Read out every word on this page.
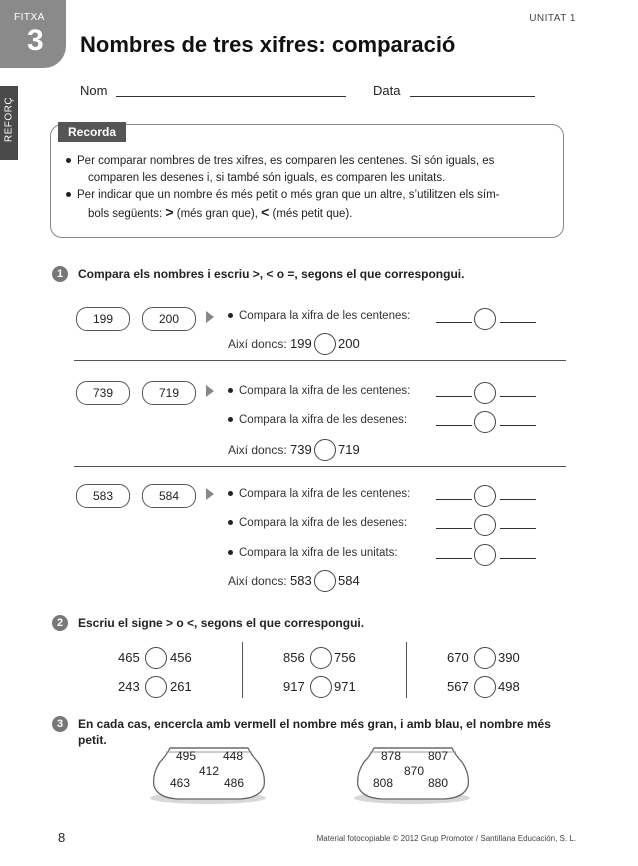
FITXA
3
UNITAT 1
Nombres de tres xifres: comparació
REFORÇ
Nom	Data
Recorda
Per comparar nombres de tres xifres, es comparen les centenes. Si són iguals, es
comparen les desenes i, si també són iguals, es comparen les unitats.
Per indicar que un nombre és més petit o més gran que un altre, s’utilitzen els sím-
bols següents: > (més gran que), < (més petit que).
1	Compara els nombres i escriu >, < o =, segons el que correspongui.
199	200	Compara la xifra de les centenes:
Així doncs: 199 200
739	719	Compara la xifra de les centenes:
Compara la xifra de les desenes:
Així doncs: 739 719
583	584	Compara la xifra de les centenes:
Compara la xifra de les desenes:
Compara la xifra de les unitats:
Així doncs: 583 584
2	Escriu el signe > o <, segons el que correspongui.
465 456	856 756	670 390
243 261	917 971	567 498
3	En cada cas, encercla amb vermell el nombre més gran, i amb blau, el nombre més
petit.
495 448
412
463	486
878 807
870
808	880
8	Material fotocopiable © 2012 Grup Promotor / Santillana Educación, S. L.
